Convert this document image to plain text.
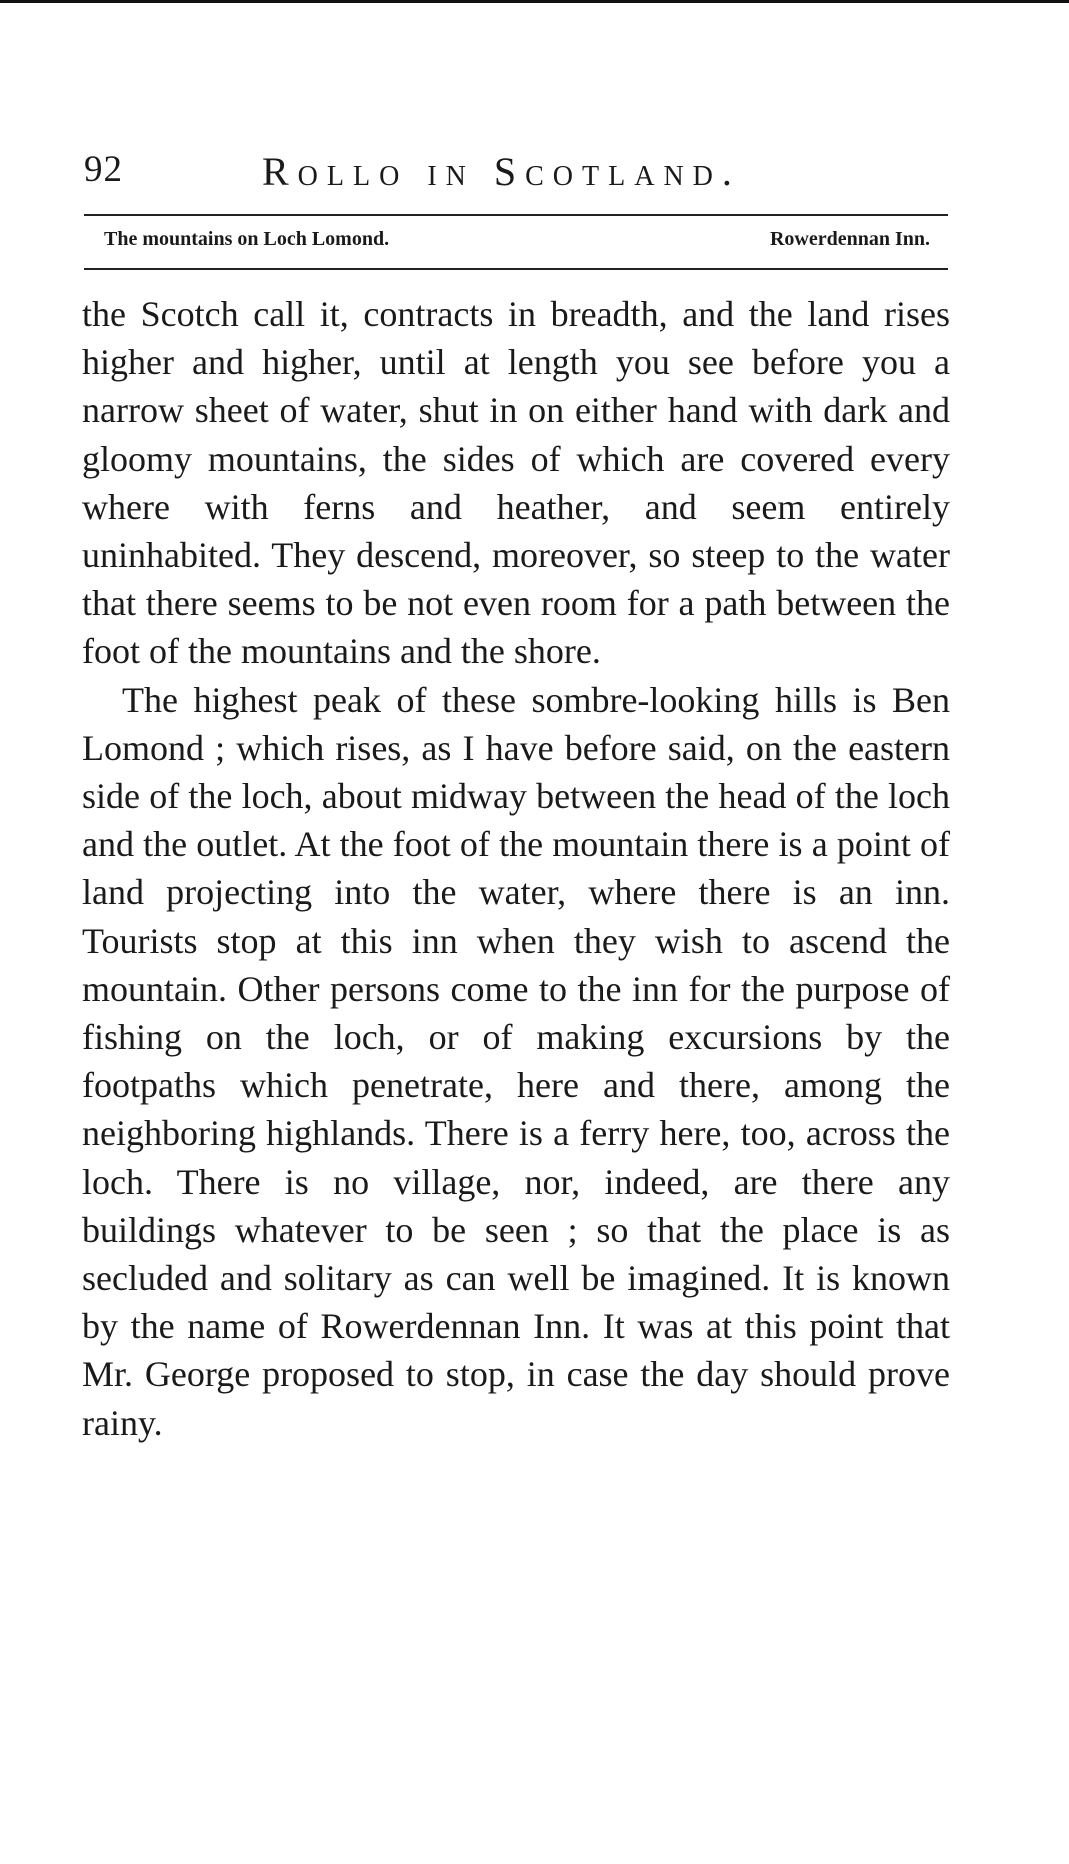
92	Rollo in Scotland.
The mountains on Loch Lomond.	Rowerdennan Inn.

the Scotch call it, contracts in breadth, and the land rises higher and higher, until at length you see before you a narrow sheet of water, shut in on either hand with dark and gloomy mountains, the sides of which are covered every where with ferns and heather, and seem entirely uninhabited. They descend, moreover, so steep to the water that there seems to be not even room for a path between the foot of the mountains and the shore.

The highest peak of these sombre-looking hills is Ben Lomond ; which rises, as I have before said, on the eastern side of the loch, about midway between the head of the loch and the outlet. At the foot of the mountain there is a point of land projecting into the water, where there is an inn. Tourists stop at this inn when they wish to ascend the mountain. Other persons come to the inn for the purpose of fishing on the loch, or of making excursions by the footpaths which penetrate, here and there, among the neighboring highlands. There is a ferry here, too, across the loch. There is no village, nor, indeed, are there any buildings whatever to be seen ; so that the place is as secluded and solitary as can well be imagined. It is known by the name of Rowerdennan Inn. It was at this point that Mr. George proposed to stop, in case the day should prove rainy.
